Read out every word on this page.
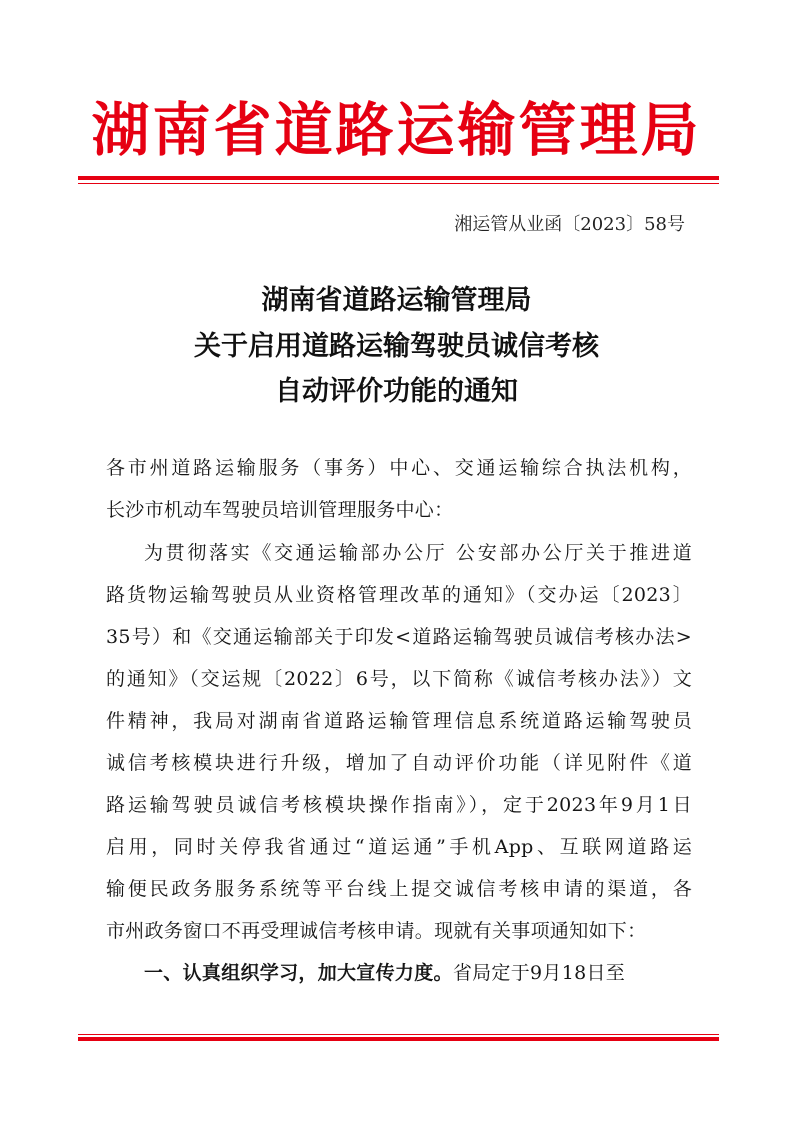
湖南省道路运输管理局
湘运管从业函〔2023〕58号
湖南省道路运输管理局
关于启用道路运输驾驶员诚信考核
自动评价功能的通知
各市州道路运输服务（事务）中心、交通运输综合执法机构，
长沙市机动车驾驶员培训管理服务中心：
为贯彻落实《交通运输部办公厅 公安部办公厅关于推进道
路货物运输驾驶员从业资格管理改革的通知》（交办运〔2023〕
35号）和《交通运输部关于印发<道路运输驾驶员诚信考核办法>
的通知》（交运规〔2022〕6号，以下简称《诚信考核办法》）文
件精神，我局对湖南省道路运输管理信息系统道路运输驾驶员
诚信考核模块进行升级，增加了自动评价功能（详见附件《道
路运输驾驶员诚信考核模块操作指南》），定于2023年9月1日
启用，同时关停我省通过“道运通”手机App、互联网道路运
输便民政务服务系统等平台线上提交诚信考核申请的渠道，各
市州政务窗口不再受理诚信考核申请。现就有关事项通知如下：
一、认真组织学习，加大宣传力度。省局定于9月18日至
